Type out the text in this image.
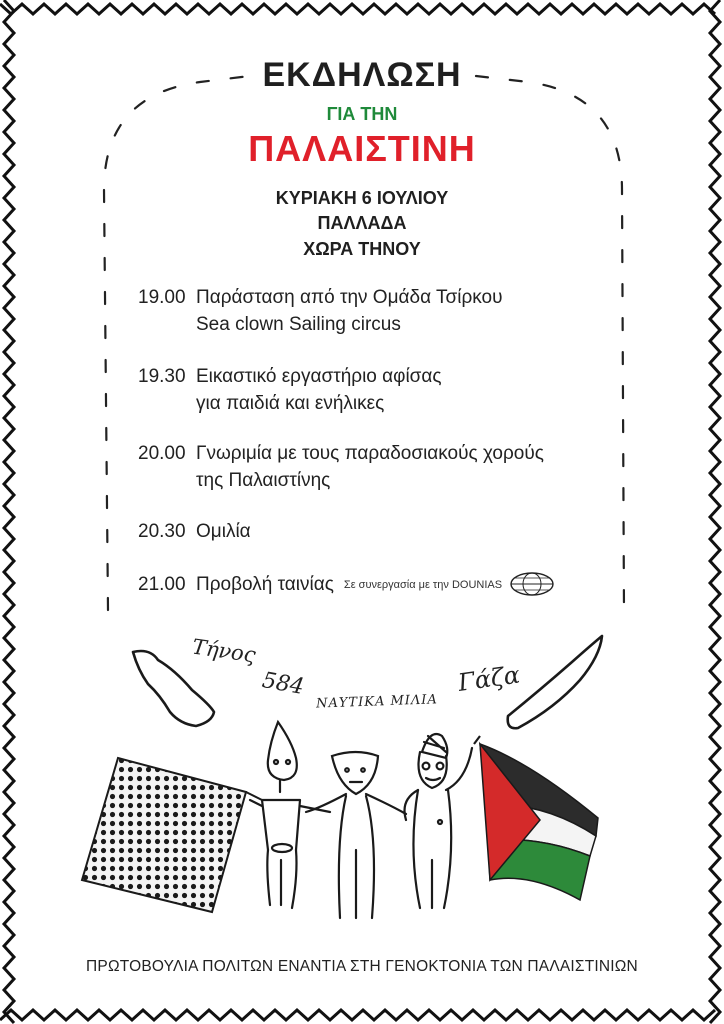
ΕΚΔΗΛΩΣΗ
ΓΙΑ ΤΗΝ
ΠΑΛΑΙΣΤΙΝΗ
ΚΥΡΙΑΚΗ 6 ΙΟΥΛΙΟΥ
ΠΑΛΛΑΔΑ
ΧΩΡΑ ΤΗΝΟΥ
19.00 Παράσταση από την Ομάδα Τσίρκου
Sea clown Sailing circus
19.30 Εικαστικό εργαστήριο αφίσας
για παιδιά και ενήλικες
20.00 Γνωριμία με τους παραδοσιακούς χορούς
της Παλαιστίνης
20.30 Ομιλία
21.00 Προβολή ταινίας Σε συνεργασία με την DOUNIAS
Τήνος
584
ΝΑΥΤΙΚΑ ΜΙΛΙΑ
Γάζα
ΠΡΩΤΟΒΟΥΛΙΑ ΠΟΛΙΤΩΝ ΕΝΑΝΤΙΑ ΣΤΗ ΓΕΝΟΚΤΟΝΙΑ ΤΩΝ ΠΑΛΑΙΣΤΙΝΙΩΝ
